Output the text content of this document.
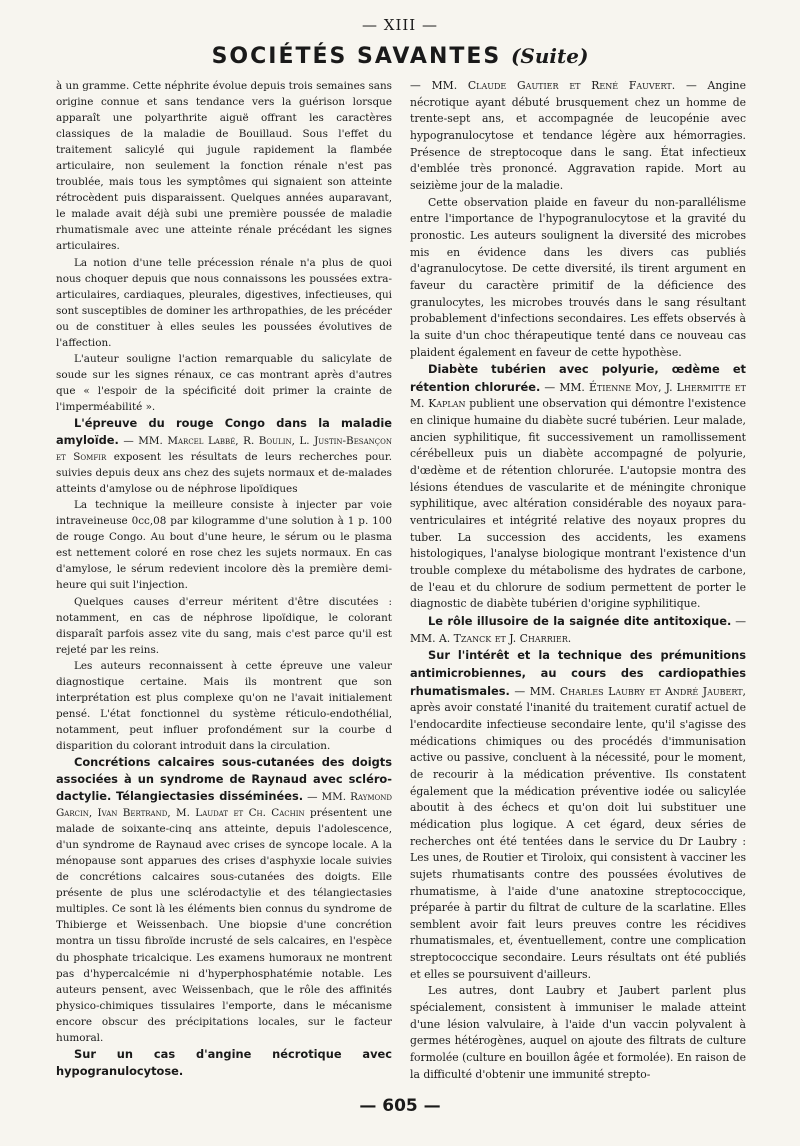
— XIII —
SOCIÉTÉS SAVANTES (Suite)

à un gramme. Cette néphrite évolue depuis trois semaines sans origine connue et sans tendance vers la guérison lorsque apparaît une polyarthrite aiguë offrant les caractères classiques de la maladie de Bouillaud. Sous l'effet du traitement salicylé qui jugule rapidement la flambée articulaire, non seulement la fonction rénale n'est pas troublée, mais tous les symptômes qui signaient son atteinte rétrocèdent puis disparaissent. Quelques années auparavant, le malade avait déjà subi une première poussée de maladie rhumatismale avec une atteinte rénale précédant les signes articulaires.

La notion d'une telle précession rénale n'a plus de quoi nous choquer depuis que nous connaissons les poussées extra-articulaires, cardiaques, pleurales, digestives, infectieuses, qui sont susceptibles de dominer les arthropathies, de les précéder ou de constituer à elles seules les poussées évolutives de l'affection.

L'auteur souligne l'action remarquable du salicylate de soude sur les signes rénaux, ce cas montrant après d'autres que « l'espoir de la spécificité doit primer la crainte de l'imperméabilité ».

L'épreuve du rouge Congo dans la maladie amyloïde. — MM. Marcel Labbé, R. Boulin, L. Justin-Besançon et Somfir exposent les résultats de leurs recherches pour. suivies depuis deux ans chez des sujets normaux et de-malades atteints d'amylose ou de néphrose lipoïdiques

La technique la meilleure consiste à injecter par voie intraveineuse 0cc,08 par kilogramme d'une solution à 1 p. 100 de rouge Congo. Au bout d'une heure, le sérum ou le plasma est nettement coloré en rose chez les sujets normaux. En cas d'amylose, le sérum redevient incolore dès la première demi-heure qui suit l'injection.

Quelques causes d'erreur méritent d'être discutées : notamment, en cas de néphrose lipoïdique, le colorant disparaît parfois assez vite du sang, mais c'est parce qu'il est rejeté par les reins.

Les auteurs reconnaissent à cette épreuve une valeur diagnostique certaine. Mais ils montrent que son interprétation est plus complexe qu'on ne l'avait initialement pensé. L'état fonctionnel du système réticulo-endothélial, notamment, peut influer profondément sur la courbe d disparition du colorant introduit dans la circulation.

Concrétions calcaires sous-cutanées des doigts associées à un syndrome de Raynaud avec scléro-dactylie. Télangiectasies disséminées. — MM. Raymond Garcin, Ivan Bertrand, M. Laudat et Ch. Cachin présentent une malade de soixante-cinq ans atteinte, depuis l'adolescence, d'un syndrome de Raynaud avec crises de syncope locale. A la ménopause sont apparues des crises d'asphyxie locale suivies de concrétions calcaires sous-cutanées des doigts. Elle présente de plus une sclérodactylie et des télangiectasies multiples. Ce sont là les éléments bien connus du syndrome de Thibierge et Weissenbach. Une biopsie d'une concrétion montra un tissu fibroïde incrusté de sels calcaires, en l'espèce du phosphate tricalcique. Les examens humoraux ne montrent pas d'hypercalcémie ni d'hyperphosphatémie notable. Les auteurs pensent, avec Weissenbach, que le rôle des affinités physico-chimiques tissulaires l'emporte, dans le mécanisme encore obscur des précipitations locales, sur le facteur humoral.

Sur un cas d'angine nécrotique avec hypogranulocytose.

— MM. Claude Gautier et René Fauvert. — Angine nécrotique ayant débuté brusquement chez un homme de trente-sept ans, et accompagnée de leucopénie avec hypogranulocytose et tendance légère aux hémorragies. Présence de streptocoque dans le sang. État infectieux d'emblée très prononcé. Aggravation rapide. Mort au seizième jour de la maladie.

Cette observation plaide en faveur du non-parallélisme entre l'importance de l'hypogranulocytose et la gravité du pronostic. Les auteurs soulignent la diversité des microbes mis en évidence dans les divers cas publiés d'agranulocytose. De cette diversité, ils tirent argument en faveur du caractère primitif de la déficience des granulocytes, les microbes trouvés dans le sang résultant probablement d'infections secondaires. Les effets observés à la suite d'un choc thérapeutique tenté dans ce nouveau cas plaident également en faveur de cette hypothèse.

Diabète tubérien avec polyurie, œdème et rétention chlorurée. — MM. Étienne Moy, J. Lhermitte et M. Kaplan publient une observation qui démontre l'existence en clinique humaine du diabète sucré tubérien. Leur malade, ancien syphilitique, fit successivement un ramollissement cérébelleux puis un diabète accompagné de polyurie, d'œdème et de rétention chlorurée. L'autopsie montra des lésions étendues de vascularite et de méningite chronique syphilitique, avec altération considérable des noyaux para-ventriculaires et intégrité relative des noyaux propres du tuber. La succession des accidents, les examens histologiques, l'analyse biologique montrant l'existence d'un trouble complexe du métabolisme des hydrates de carbone, de l'eau et du chlorure de sodium permettent de porter le diagnostic de diabète tubérien d'origine syphilitique.

Le rôle illusoire de la saignée dite antitoxique. — MM. A. Tzanck et J. Charrier.

Sur l'intérêt et la technique des prémunitions antimicrobiennes, au cours des cardiopathies rhumatismales. — MM. Charles Laubry et André Jaubert, après avoir constaté l'inanité du traitement curatif actuel de l'endocardite infectieuse secondaire lente, qu'il s'agisse des médications chimiques ou des procédés d'immunisation active ou passive, concluent à la nécessité, pour le moment, de recourir à la médication préventive. Ils constatent également que la médication préventive iodée ou salicylée aboutit à des échecs et qu'on doit lui substituer une médication plus logique. A cet égard, deux séries de recherches ont été tentées dans le service du Dr Laubry : Les unes, de Routier et Tiroloix, qui consistent à vacciner les sujets rhumatisants contre des poussées évolutives de rhumatisme, à l'aide d'une anatoxine streptococcique, préparée à partir du filtrat de culture de la scarlatine. Elles semblent avoir fait leurs preuves contre les récidives rhumatismales, et, éventuellement, contre une complication streptococcique secondaire. Leurs résultats ont été publiés et elles se poursuivent d'ailleurs.

Les autres, dont Laubry et Jaubert parlent plus spécialement, consistent à immuniser le malade atteint d'une lésion valvulaire, à l'aide d'un vaccin polyvalent à germes hétérogènes, auquel on ajoute des filtrats de culture formolée (culture en bouillon âgée et formolée). En raison de la difficulté d'obtenir une immunité strepto-

— 605 —
